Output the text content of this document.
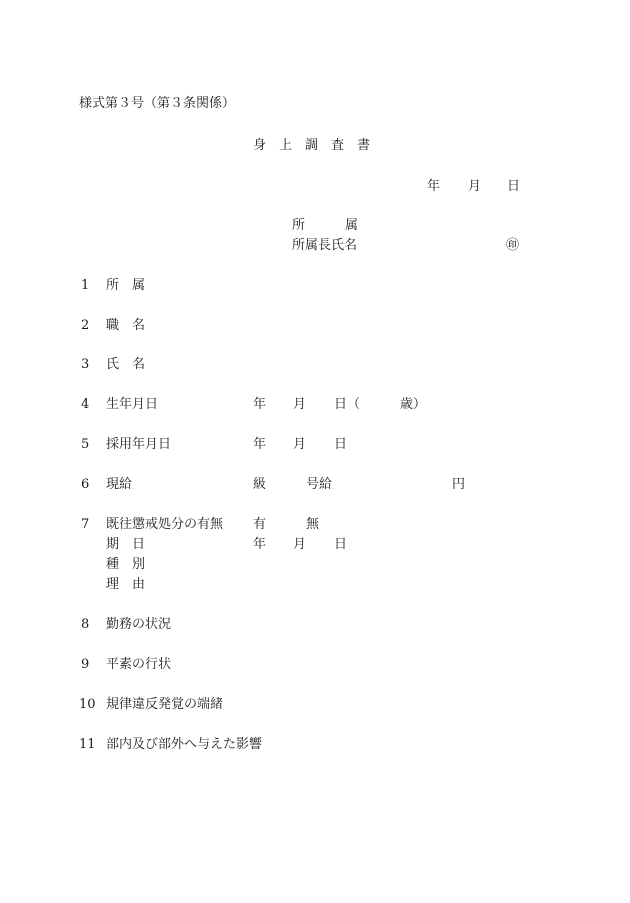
様式第３号（第３条関係）
身 上 調 査 書
年 月 日
所	属
所属長氏名	㊞
1 所 属
2 職 名
3 氏 名
4 生年月日	年 月 日（	歳）
5 採用年月日	年 月 日
6 現給	級	号給	円
7 既往懲戒処分の有無 有	無
期 日	年 月 日
種 別
理 由
8 勤務の状況
9 平素の行状
10 規律違反発覚の端緒
11 部内及び部外へ与えた影響
